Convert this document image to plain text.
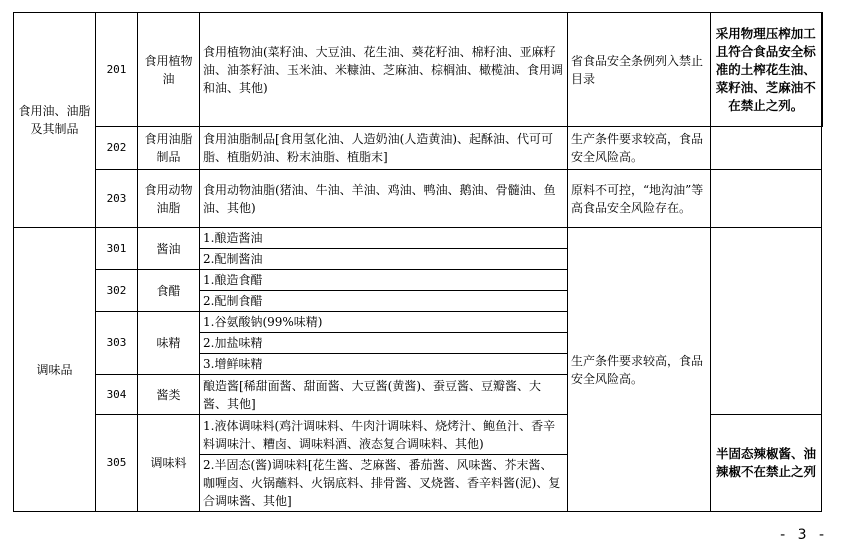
食用油、油脂及其制品	201	食用植物油	食用植物油(菜籽油、大豆油、花生油、葵花籽油、棉籽油、亚麻籽油、油茶籽油、玉米油、米糠油、芝麻油、棕榈油、橄榄油、食用调和油、其他)	省食品安全条例列入禁止目录	采用物理压榨加工且符合食品安全标准的土榨花生油、菜籽油、芝麻油不在禁止之列。
	202	食用油脂制品	食用油脂制品[食用氢化油、人造奶油(人造黄油)、起酥油、代可可脂、植脂奶油、粉末油脂、植脂末]	生产条件要求较高，食品安全风险高。	
	203	食用动物油脂	食用动物油脂(猪油、牛油、羊油、鸡油、鸭油、鹅油、骨髓油、鱼油、其他)	原料不可控，“地沟油”等高食品安全风险存在。	
调味品	301	酱油	1.酿造酱油	生产条件要求较高，食品安全风险高。	
			2.配制酱油		
	302	食醋	1.酿造食醋		
			2.配制食醋		
	303	味精	1.谷氨酸钠(99%味精)		
			2.加盐味精		
			3.增鲜味精		
	304	酱类	酿造酱[稀甜面酱、甜面酱、大豆酱(黄酱)、蚕豆酱、豆瓣酱、大酱、其他]		
	305	调味料	1.液体调味料(鸡汁调味料、牛肉汁调味料、烧烤汁、鲍鱼汁、香辛料调味汁、糟卤、调味料酒、液态复合调味料、其他)		半固态辣椒酱、油辣椒不在禁止之列
			2.半固态(酱)调味料[花生酱、芝麻酱、番茄酱、风味酱、芥末酱、咖喱卤、火锅蘸料、火锅底料、排骨酱、叉烧酱、香辛料酱(泥)、复合调味酱、其他]		
- 3 -
